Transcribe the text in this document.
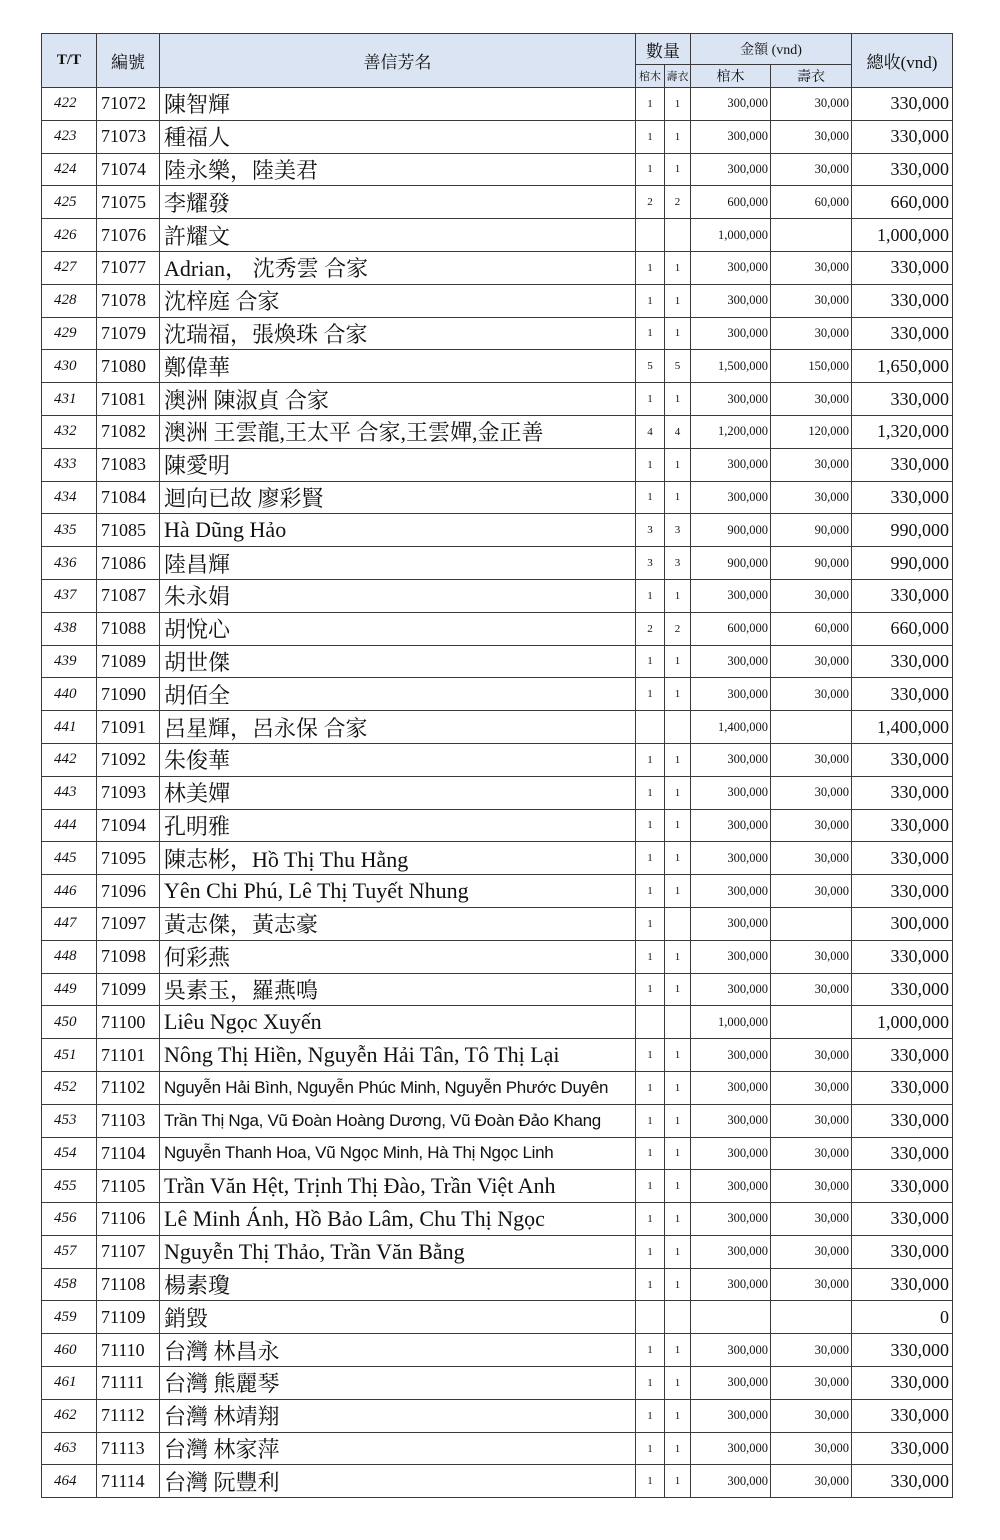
T/T	編號	善信芳名	數量		金額 (vnd)		總收(vnd)
			棺木	壽衣	棺木	壽衣	
422	71072	陳智輝	1	1	300,000	30,000	330,000
423	71073	種福人	1	1	300,000	30,000	330,000
424	71074	陸永樂，陸美君	1	1	300,000	30,000	330,000
425	71075	李耀發	2	2	600,000	60,000	660,000
426	71076	許耀文			1,000,000		1,000,000
427	71077	Adrian， 沈秀雲 合家	1	1	300,000	30,000	330,000
428	71078	沈梓庭 合家	1	1	300,000	30,000	330,000
429	71079	沈瑞福，張煥珠 合家	1	1	300,000	30,000	330,000
430	71080	鄭偉華	5	5	1,500,000	150,000	1,650,000
431	71081	澳洲 陳淑貞 合家	1	1	300,000	30,000	330,000
432	71082	澳洲 王雲龍,王太平 合家,王雲嬋,金正善	4	4	1,200,000	120,000	1,320,000
433	71083	陳愛明	1	1	300,000	30,000	330,000
434	71084	迴向已故 廖彩賢	1	1	300,000	30,000	330,000
435	71085	Hà Dũng Hảo	3	3	900,000	90,000	990,000
436	71086	陸昌輝	3	3	900,000	90,000	990,000
437	71087	朱永娟	1	1	300,000	30,000	330,000
438	71088	胡悅心	2	2	600,000	60,000	660,000
439	71089	胡世傑	1	1	300,000	30,000	330,000
440	71090	胡佰全	1	1	300,000	30,000	330,000
441	71091	呂星輝，呂永保 合家			1,400,000		1,400,000
442	71092	朱俊華	1	1	300,000	30,000	330,000
443	71093	林美嬋	1	1	300,000	30,000	330,000
444	71094	孔明雅	1	1	300,000	30,000	330,000
445	71095	陳志彬，Hồ Thị Thu Hằng	1	1	300,000	30,000	330,000
446	71096	Yên Chi Phú, Lê Thị Tuyết Nhung	1	1	300,000	30,000	330,000
447	71097	黃志傑，黃志豪	1		300,000		300,000
448	71098	何彩燕	1	1	300,000	30,000	330,000
449	71099	吳素玉，羅燕鳴	1	1	300,000	30,000	330,000
450	71100	Liêu Ngọc Xuyến			1,000,000		1,000,000
451	71101	Nông Thị Hiền, Nguyễn Hải Tân, Tô Thị Lại	1	1	300,000	30,000	330,000
452	71102	Nguyễn Hải Bình, Nguyễn Phúc Minh, Nguyễn Phước Duyên	1	1	300,000	30,000	330,000
453	71103	Trần Thị Nga, Vũ Đoàn Hoàng Dương, Vũ Đoàn Đảo Khang	1	1	300,000	30,000	330,000
454	71104	Nguyễn Thanh Hoa, Vũ Ngọc Minh, Hà Thị Ngọc Linh	1	1	300,000	30,000	330,000
455	71105	Trần Văn Hệt, Trịnh Thị Đào, Trần Việt Anh	1	1	300,000	30,000	330,000
456	71106	Lê Minh Ánh, Hồ Bảo Lâm, Chu Thị Ngọc	1	1	300,000	30,000	330,000
457	71107	Nguyễn Thị Thảo, Trần Văn Bằng	1	1	300,000	30,000	330,000
458	71108	楊素瓊	1	1	300,000	30,000	330,000
459	71109	銷毀					0
460	71110	台灣 林昌永	1	1	300,000	30,000	330,000
461	71111	台灣 熊麗琴	1	1	300,000	30,000	330,000
462	71112	台灣 林靖翔	1	1	300,000	30,000	330,000
463	71113	台灣 林家萍	1	1	300,000	30,000	330,000
464	71114	台灣 阮豐利	1	1	300,000	30,000	330,000
